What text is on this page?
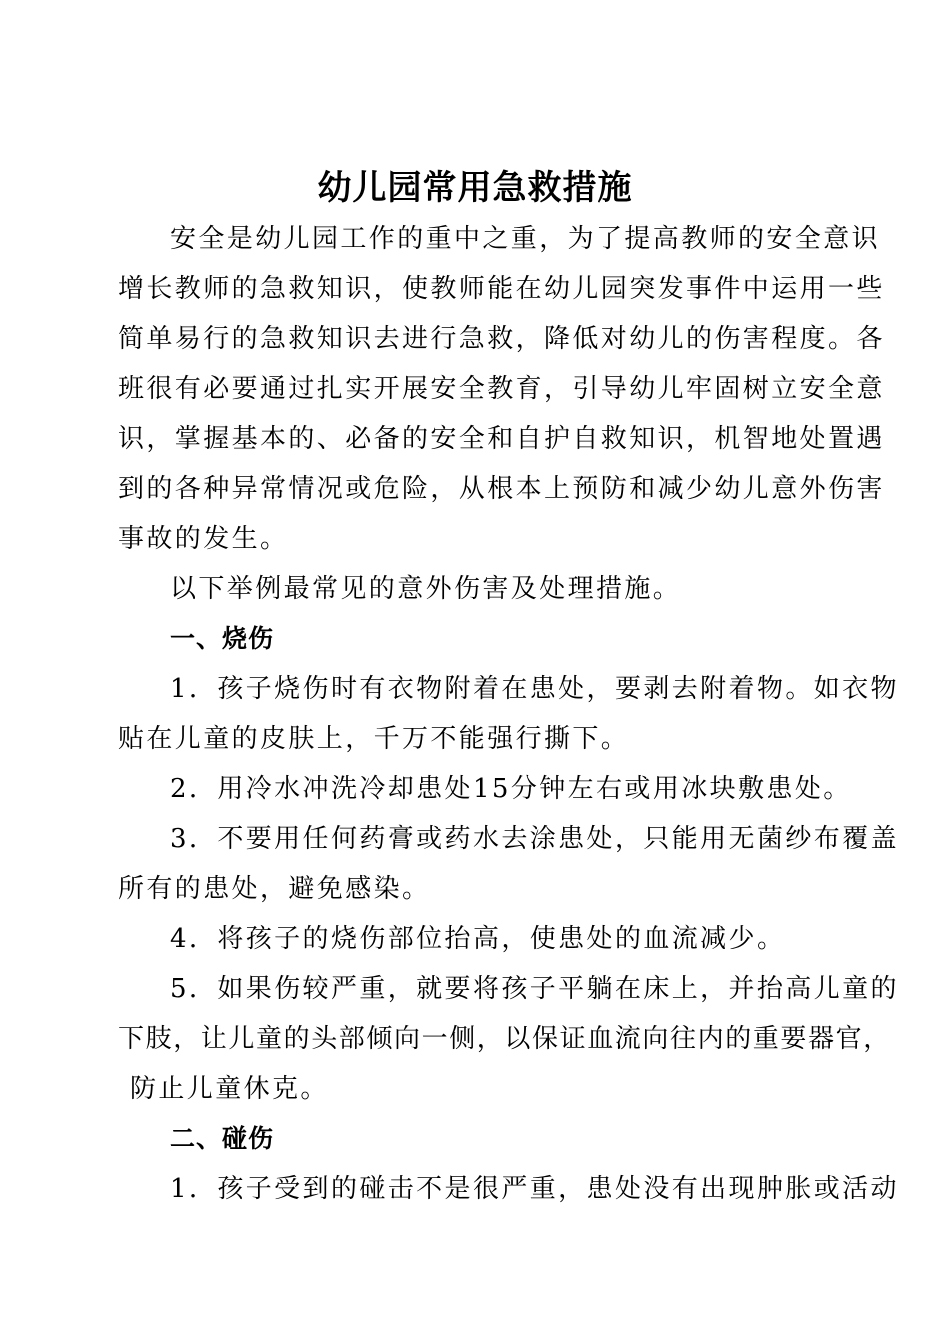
幼儿园常用急救措施
安全是幼儿园工作的重中之重，为了提高教师的安全意识
增长教师的急救知识，使教师能在幼儿园突发事件中运用一些
简单易行的急救知识去进行急救，降低对幼儿的伤害程度。各
班很有必要通过扎实开展安全教育，引导幼儿牢固树立安全意
识，掌握基本的、必备的安全和自护自救知识，机智地处置遇
到的各种异常情况或危险，从根本上预防和减少幼儿意外伤害
事故的发生。
以下举例最常见的意外伤害及处理措施。
一、烧伤
1．孩子烧伤时有衣物附着在患处，要剥去附着物。如衣物
贴在儿童的皮肤上，千万不能强行撕下。
2．用冷水冲洗冷却患处15分钟左右或用冰块敷患处。
3．不要用任何药膏或药水去涂患处，只能用无菌纱布覆盖
所有的患处，避免感染。
4．将孩子的烧伤部位抬高，使患处的血流减少。
5．如果伤较严重，就要将孩子平躺在床上，并抬高儿童的
下肢，让儿童的头部倾向一侧，以保证血流向往内的重要器官，
防止儿童休克。
二、碰伤
1．孩子受到的碰击不是很严重，患处没有出现肿胀或活动
